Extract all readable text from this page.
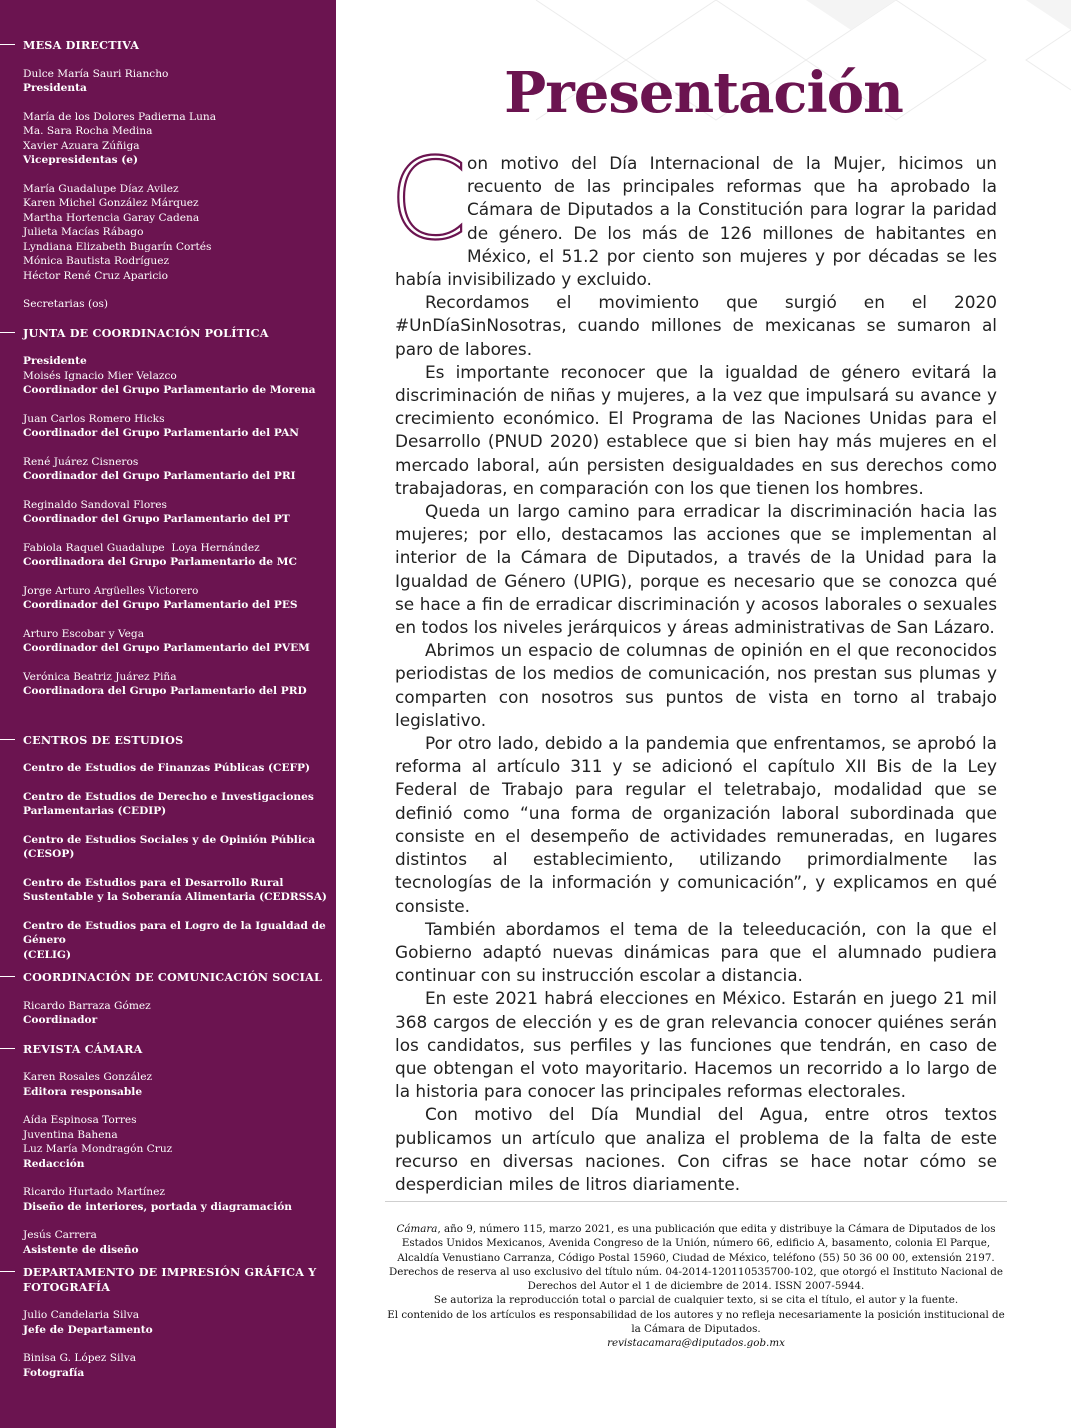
MESA DIRECTIVA
Dulce María Sauri Riancho
Presidenta
María de los Dolores Padierna Luna
Ma. Sara Rocha Medina
Xavier Azuara Zúñiga
Vicepresidentas (e)
María Guadalupe Díaz Avilez
Karen Michel González Márquez
Martha Hortencia Garay Cadena
Julieta Macías Rábago
Lyndiana Elizabeth Bugarín Cortés
Mónica Bautista Rodríguez
Héctor René Cruz Aparicio
Secretarias (os)
JUNTA DE COORDINACIÓN POLÍTICA
Presidente
Moisés Ignacio Mier Velazco
Coordinador del Grupo Parlamentario de Morena
Juan Carlos Romero Hicks
Coordinador del Grupo Parlamentario del PAN
René Juárez Cisneros
Coordinador del Grupo Parlamentario del PRI
Reginaldo Sandoval Flores
Coordinador del Grupo Parlamentario del PT
Fabiola Raquel Guadalupe  Loya Hernández
Coordinadora del Grupo Parlamentario de MC
Jorge Arturo Argüelles Victorero
Coordinador del Grupo Parlamentario del PES
Arturo Escobar y Vega
Coordinador del Grupo Parlamentario del PVEM
Verónica Beatriz Juárez Piña
Coordinadora del Grupo Parlamentario del PRD
CENTROS DE ESTUDIOS
Centro de Estudios de Finanzas Públicas (CEFP)
Centro de Estudios de Derecho e Investigaciones Parlamentarias (CEDIP)
Centro de Estudios Sociales y de Opinión Pública (CESOP)
Centro de Estudios para el Desarrollo Rural Sustentable y la Soberanía Alimentaria (CEDRSSA)
Centro de Estudios para el Logro de la Igualdad de Género
(CELIG)
COORDINACIÓN DE COMUNICACIÓN SOCIAL
Ricardo Barraza Gómez
Coordinador
REVISTA CÁMARA
Karen Rosales González
Editora responsable
Aída Espinosa Torres
Juventina Bahena
Luz María Mondragón Cruz
Redacción
Ricardo Hurtado Martínez
Diseño de interiores, portada y diagramación
Jesús Carrera
Asistente de diseño
DEPARTAMENTO DE IMPRESIÓN GRÁFICA Y FOTOGRAFÍA
Julio Candelaria Silva
Jefe de Departamento
Binisa G. López Silva
Fotografía
Presentación
C on motivo del Día Internacional de la Mujer, hicimos un recuento de las principales reformas que ha aprobado la Cámara de Diputados a la Constitución para lograr la paridad de género. De los más de 126 millones de habitantes en México, el 51.2 por ciento son mujeres y por décadas se les había invisibilizado y excluido.

Recordamos el movimiento que surgió en el 2020 #UnDíaSinNosotras, cuando millones de mexicanas se sumaron al paro de labores.

Es importante reconocer que la igualdad de género evitará la discriminación de niñas y mujeres, a la vez que impulsará su avance y crecimiento económico. El Programa de las Naciones Unidas para el Desarrollo (PNUD 2020) establece que si bien hay más mujeres en el mercado laboral, aún persisten desigualdades en sus derechos como trabajadoras, en comparación con los que tienen los hombres.

Queda un largo camino para erradicar la discriminación hacia las mujeres; por ello, destacamos las acciones que se implementan al interior de la Cámara de Diputados, a través de la Unidad para la Igualdad de Género (UPIG), porque es necesario que se conozca qué se hace a fin de erradicar discriminación y acosos laborales o sexuales en todos los niveles jerárquicos y áreas administrativas de San Lázaro.

Abrimos un espacio de columnas de opinión en el que reconocidos periodistas de los medios de comunicación, nos prestan sus plumas y comparten con nosotros sus puntos de vista en torno al trabajo legislativo.

Por otro lado, debido a la pandemia que enfrentamos, se aprobó la reforma al artículo 311 y se adicionó el capítulo XII Bis de la Ley Federal de Trabajo para regular el teletrabajo, modalidad que se definió como “una forma de organización laboral subordinada que consiste en el desempeño de actividades remuneradas, en lugares distintos al establecimiento, utilizando primordialmente las tecnologías de la información y comunicación”, y explicamos en qué consiste.

También abordamos el tema de la teleeducación, con la que el Gobierno adaptó nuevas dinámicas para que el alumnado pudiera continuar con su instrucción escolar a distancia.

En este 2021 habrá elecciones en México. Estarán en juego 21 mil 368 cargos de elección y es de gran relevancia conocer quiénes serán los candidatos, sus perfiles y las funciones que tendrán, en caso de que obtengan el voto mayoritario. Hacemos un recorrido a lo largo de la historia para conocer las principales reformas electorales.

Con motivo del Día Mundial del Agua, entre otros textos publicamos un artículo que analiza el problema de la falta de este recurso en diversas naciones. Con cifras se hace notar cómo se desperdician miles de litros diariamente.

Cámara, año 9, número 115, marzo 2021, es una publicación que edita y distribuye la Cámara de Diputados de los Estados Unidos Mexicanos, Avenida Congreso de la Unión, número 66, edificio A, basamento, colonia El Parque, Alcaldía Venustiano Carranza, Código Postal 15960, Ciudad de México, teléfono (55) 50 36 00 00, extensión 2197. Derechos de reserva al uso exclusivo del título núm. 04-2014-120110535700-102, que otorgó el Instituto Nacional de Derechos del Autor el 1 de diciembre de 2014. ISSN 2007-5944.

Se autoriza la reproducción total o parcial de cualquier texto, si se cita el título, el autor y la fuente.

El contenido de los artículos es responsabilidad de los autores y no refleja necesariamente la posición institucional de la Cámara de Diputados.

revistacamara@diputados.gob.mx
